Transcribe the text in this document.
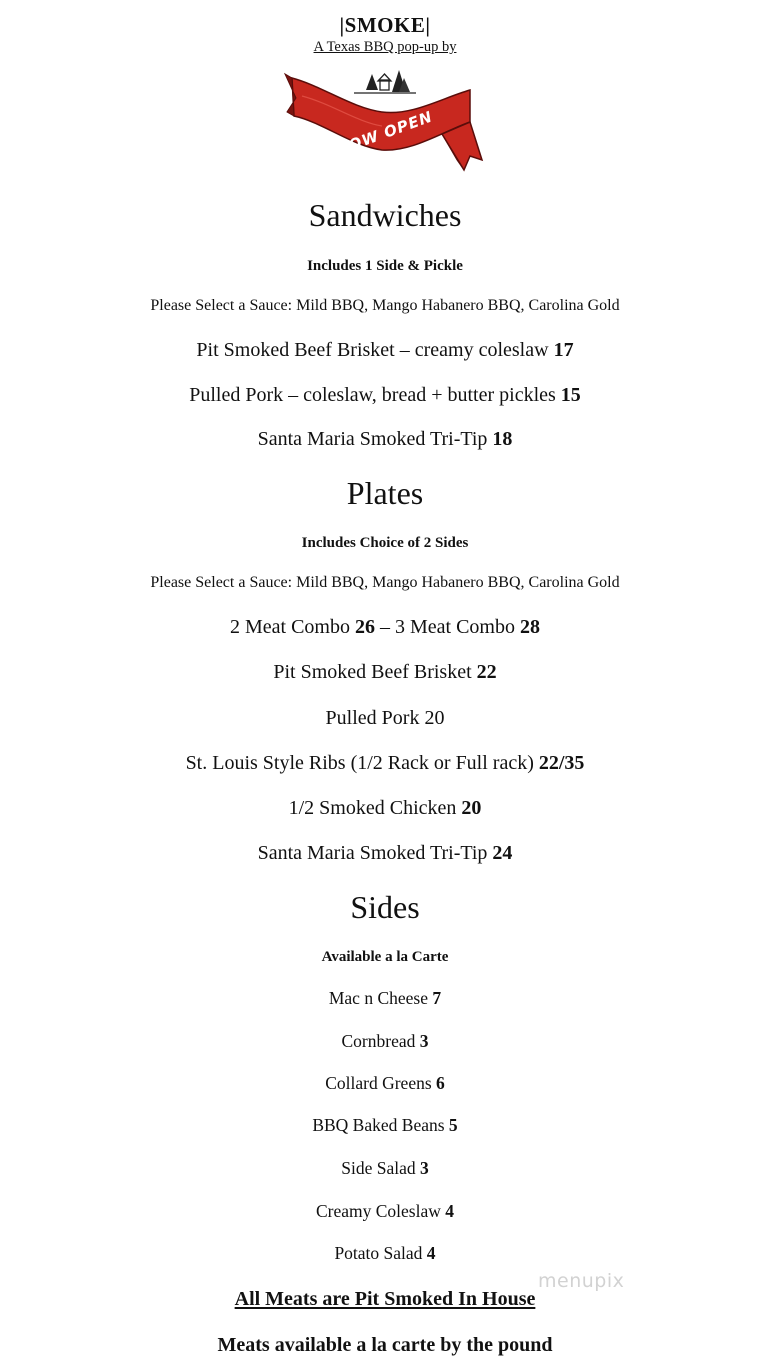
|SMOKE|
A Texas BBQ pop-up by
NOW OPEN
Sandwiches
Includes 1 Side & Pickle
Please Select a Sauce: Mild BBQ, Mango Habanero BBQ, Carolina Gold
Pit Smoked Beef Brisket – creamy coleslaw 17
Pulled Pork – coleslaw, bread + butter pickles 15
Santa Maria Smoked Tri-Tip 18
Plates
Includes Choice of 2 Sides
Please Select a Sauce: Mild BBQ, Mango Habanero BBQ, Carolina Gold
2 Meat Combo 26 – 3 Meat Combo 28
Pit Smoked Beef Brisket 22
Pulled Pork 20
St. Louis Style Ribs (1/2 Rack or Full rack) 22/35
1/2 Smoked Chicken 20
Santa Maria Smoked Tri-Tip 24
Sides
Available a la Carte
Mac n Cheese 7
Cornbread 3
Collard Greens 6
BBQ Baked Beans 5
Side Salad 3
Creamy Coleslaw 4
Potato Salad 4
All Meats are Pit Smoked In House
Meats available a la carte by the pound
menupix
